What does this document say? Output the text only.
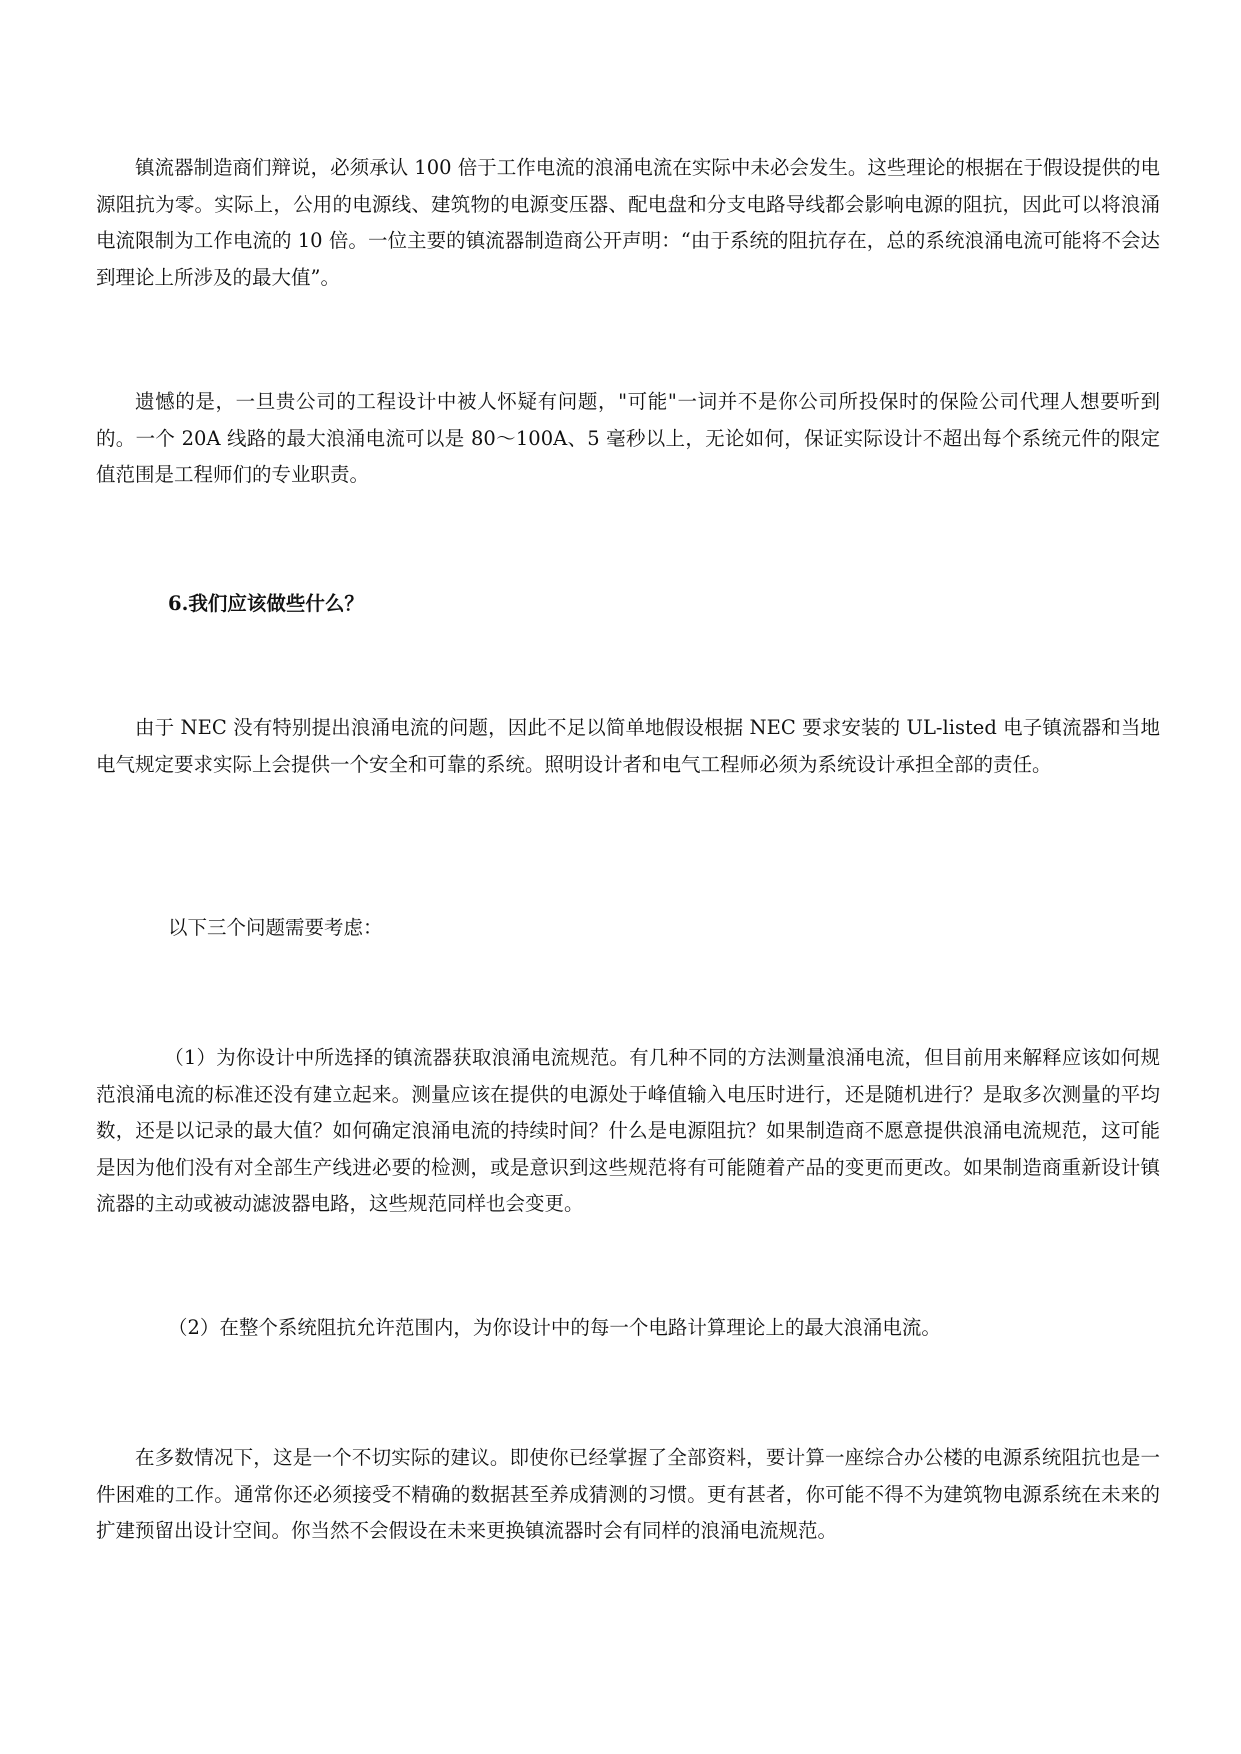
镇流器制造商们辩说，必须承认 100 倍于工作电流的浪涌电流在实际中未必会发生。这些理论的根据在于假设提供的电源阻抗为零。实际上，公用的电源线、建筑物的电源变压器、配电盘和分支电路导线都会影响电源的阻抗，因此可以将浪涌电流限制为工作电流的 10 倍。一位主要的镇流器制造商公开声明：“由于系统的阻抗存在，总的系统浪涌电流可能将不会达到理论上所涉及的最大值”。

遗憾的是，一旦贵公司的工程设计中被人怀疑有问题，"可能"一词并不是你公司所投保时的保险公司代理人想要听到的。一个 20A 线路的最大浪涌电流可以是 80～100A、5 毫秒以上，无论如何，保证实际设计不超出每个系统元件的限定值范围是工程师们的专业职责。

6.我们应该做些什么？

由于 NEC 没有特别提出浪涌电流的问题，因此不足以简单地假设根据 NEC 要求安装的 UL-listed 电子镇流器和当地电气规定要求实际上会提供一个安全和可靠的系统。照明设计者和电气工程师必须为系统设计承担全部的责任。

以下三个问题需要考虑：

（1）为你设计中所选择的镇流器获取浪涌电流规范。有几种不同的方法测量浪涌电流，但目前用来解释应该如何规范浪涌电流的标准还没有建立起来。测量应该在提供的电源处于峰值输入电压时进行，还是随机进行？是取多次测量的平均数，还是以记录的最大值？如何确定浪涌电流的持续时间？什么是电源阻抗？如果制造商不愿意提供浪涌电流规范，这可能是因为他们没有对全部生产线进必要的检测，或是意识到这些规范将有可能随着产品的变更而更改。如果制造商重新设计镇流器的主动或被动滤波器电路，这些规范同样也会变更。

（2）在整个系统阻抗允许范围内，为你设计中的每一个电路计算理论上的最大浪涌电流。

在多数情况下，这是一个不切实际的建议。即使你已经掌握了全部资料，要计算一座综合办公楼的电源系统阻抗也是一件困难的工作。通常你还必须接受不精确的数据甚至养成猜测的习惯。更有甚者，你可能不得不为建筑物电源系统在未来的扩建预留出设计空间。你当然不会假设在未来更换镇流器时会有同样的浪涌电流规范。
